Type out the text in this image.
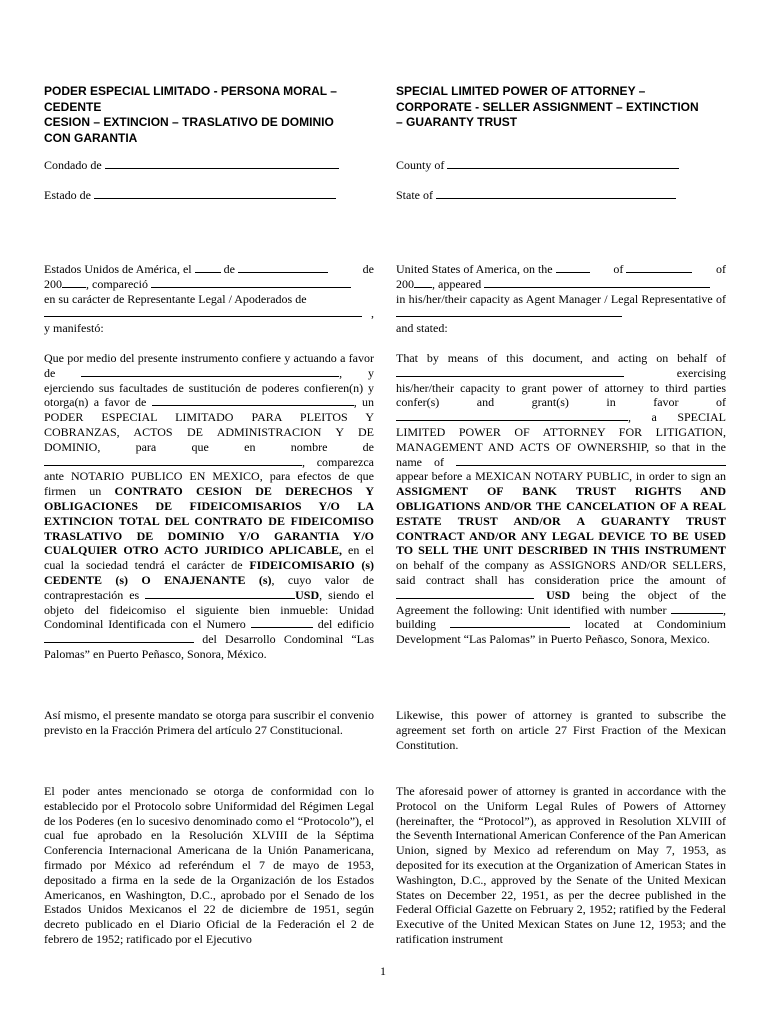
PODER ESPECIAL LIMITADO - PERSONA MORAL –

CEDENTE

CESION – EXTINCION – TRASLATIVO DE DOMINIO

CON GARANTIA

Condado de

Estado de

Estados Unidos de América, el	de	de

200 , compareció

en su carácter de Representante Legal / Apoderados de

,

y manifestó:

Que por medio del presente instrumento confiere y actuando a favor de	, y ejerciendo sus facultades de sustitución de poderes confieren(n) y otorga(n) a favor de	, un PODER ESPECIAL LIMITADO PARA PLEITOS Y COBRANZAS, ACTOS DE ADMINISTRACION Y DE DOMINIO, para que en nombre de , comparezca ante NOTARIO PUBLICO EN MEXICO, para efectos de que firmen un CONTRATO CESION DE DERECHOS Y OBLIGACIONES DE FIDEICOMISARIOS Y/O LA EXTINCION TOTAL DEL CONTRATO DE FIDEICOMISO TRASLATIVO DE DOMINIO Y/O GARANTIA Y/O CUALQUIER OTRO ACTO JURIDICO APLICABLE, en el cual la sociedad tendrá el carácter de FIDEICOMISARIO (s) CEDENTE (s) O ENAJENANTE (s), cuyo valor de contraprestación es	USD, siendo el objeto del fideicomiso el siguiente bien inmueble: Unidad Condominal Identificada con el Numero	del edificio  del Desarrollo Condominal “Las Palomas” en Puerto Peñasco, Sonora, México.

Así mismo, el presente mandato se otorga para suscribir el convenio previsto en la Fracción Primera del artículo 27 Constitucional.

El poder antes mencionado se otorga de conformidad con lo establecido por el Protocolo sobre Uniformidad del Régimen Legal de los Poderes (en lo sucesivo denominado como el “Protocolo”), el cual fue aprobado en la Resolución XLVIII de la Séptima Conferencia Internacional Americana de la Unión Panamericana, firmado por México ad referéndum el 7 de mayo de 1953, depositado a firma en la sede de la Organización de los Estados Americanos, en Washington, D.C., aprobado por el Senado de los Estados Unidos Mexicanos el 22 de diciembre de 1951, según decreto publicado en el Diario Oficial de la Federación el 2 de febrero de 1952; ratificado por el Ejecutivo

SPECIAL LIMITED POWER OF ATTORNEY –

CORPORATE - SELLER ASSIGNMENT – EXTINCTION

– GUARANTY TRUST

County of

State of

United States of America, on the	of	of

200 , appeared

in his/her/their capacity as Agent Manager / Legal Representative of

and stated:

That by means of this document, and acting on behalf of  exercising his/her/their capacity to grant power of attorney to third parties confer(s) and grant(s) in favor of , a SPECIAL LIMITED POWER OF ATTORNEY FOR LITIGATION, MANAGEMENT AND ACTS OF OWNERSHIP, so that in the name of  appear before a MEXICAN NOTARY PUBLIC, in order to sign an ASSIGMENT OF BANK TRUST RIGHTS AND OBLIGATIONS AND/OR THE CANCELATION OF A REAL ESTATE TRUST AND/OR A GUARANTY TRUST CONTRACT AND/OR ANY LEGAL DEVICE TO BE USED TO SELL THE UNIT DESCRIBED IN THIS INSTRUMENT on behalf of the company as ASSIGNORS AND/OR SELLERS, said contract shall has consideration price the amount of  USD being the object of the Agreement the following: Unit identified with number	, building	located at Condominium Development “Las Palomas” in Puerto Peñasco, Sonora, Mexico.

Likewise, this power of attorney is granted to subscribe the agreement set forth on article 27 First Fraction of the Mexican Constitution.

The aforesaid power of attorney is granted in accordance with the Protocol on the Uniform Legal Rules of Powers of Attorney (hereinafter, the “Protocol”), as approved in Resolution XLVIII of the Seventh International American Conference of the Pan American Union, signed by Mexico ad referendum on May 7, 1953, as deposited for its execution at the Organization of American States in Washington, D.C., approved by the Senate of the United Mexican States on December 22, 1951, as per the decree published in the Federal Official Gazette on February 2, 1952; ratified by the Federal Executive of the United Mexican States on June 12, 1953; and the ratification instrument

1
